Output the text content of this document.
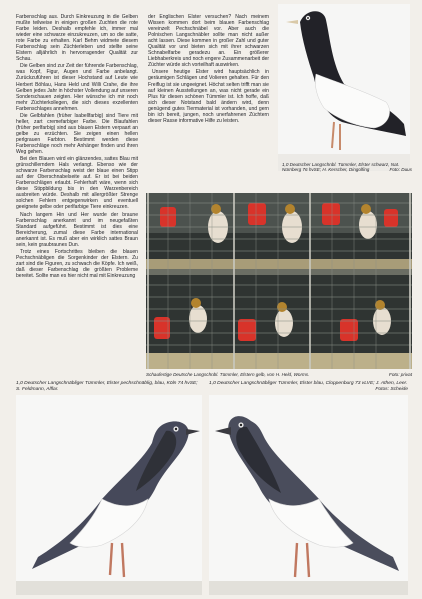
Farbenschlag aus. Durch Einkreuzung in die Gelben mußte teilweise in einigen großen Zuchten die rote Farbe leiden. Deshalb empfehle ich, immer mal wieder eine schwarze einzukreuzen, um so die satte, rote Farbe zu erhalten. Karl Behm widmete diesem Farbenschlag sein Züchterleben und stellte seine Elstern alljährlich in hervorragender Qualität zur Schau.

Die Gelben sind zur Zeit der führende Farbenschlag, was Kopf, Figur, Augen und Farbe anbelangt. Zurückzuführen ist dieser Hochstand auf Leute wie Herbert Böhlau, Hans Held und Willi Crahe, die ihre Gelben jedes Jahr in höchster Vollendung auf unseren Sonderschauen zeigten. Hier wünsche ich mir noch mehr Züchterkollegen, die sich dieses exzellenten Farbenschlages annehmen.

Die Gelbfahlen (früher Isabellfarbig) sind Tiere mit heller, zart cremefarbiger Farbe. Die Blaufahlen (früher perlfarbig) sind aus blauen Elstern verpaart an gelbe zu erzüchten. Sie zeigen einen hellen perlgrauen Farbton. Bestimmt werden diese Farbenschläge noch mehr Anhänger finden und ihren Weg gehen.

Bei den Blauen wird ein glänzendes, sattes Blau mit grünschillerndem Hals verlangt. Ebenso wie der schwarze Farbenschlag weist der blaue einen Stipp auf der Oberschnabelseite auf. Er ist bei beiden Farbenschlägen erlaubt. Fehlerhaft wäre, wenn sich diese Stippbildung bis in den Warzenbereich ausbreiten würde. Deshalb mit allergrößter Strenge solchen Fehlern entgegenwirken und eventuell geeignete gelbe oder perlfarbige Tiere einkreuzen.

Nach langem Hin und Her wurde der braune Farbenschlag anerkannt und im neugefaßten Standard aufgeführt. Bestimmt ist dies eine Bereicherung, zumal diese Farbe international anerkannt ist. Es muß aber ein wirklich sattes Braun sein, kein graubraunes Dun.

Trotz eines Fortschrittes bleiben die blauen Pechschnäbligen die Sorgenkinder der Elstern. Zu zart sind die Figuren, zu schwach die Köpfe. Ich weiß, daß dieser Farbenschlag die größten Probleme bereitet. Sollte man es hier nicht mal mit Einkreuzung

der Englischen Elster versuchen? Nach meinem Wissen kommen dort beim blauen Farbenschlag vereinzelt Pechschnäbel vor. Aber auch die Polnischen Langschnäbler sollte man nicht außer acht lassen. Diese kommen in großer Zahl und guter Qualität vor und bieten sich mit ihrer schwarzen Schnabelfarbe geradezu an. Ein größerer Liebhaberkreis und noch engere Zusammenarbeit der Züchter würde sich vorteilhaft auswirken.

Unsere heutige Elster wird hauptsächlich in geräumigen Schlägen und Volieren gehalten. Für den Freiflug ist sie ungeeignet. Höchst selten trifft man sie auf kleinen Ausstellungen an, was nicht gerade ein Plus für diesen schönen Tümmler ist. Ich hoffe, daß sich dieser Notstand bald ändern wird, denn genügend gutes Tiermaterial ist vorhanden, und gern bin ich bereit, jungen, noch unerfahrenen Züchtern dieser Rasse informative Hilfe zu leisten.

1,0 Deutscher Langschnbl. Tümmler, Elster schwarz, Nat. Nürnberg 76 hvSE; H. Kerscher, Dingolfing	Foto: Duus
Schaufertige Deutsche Langschnbl. Tümmler, Elstern gelb, von H. Held, Worms.	Foto: privat
1,0 Deutscher Langschnäbliger Tümmler, Elster pechschnäblig, blau, Köln 74 hvSE; S. Feldmann, Alflar.
1,0 Deutscher Langschnäbliger Tümmler, Elster blau, Cloppenburg 73 vLVE; J. Athen, Leer.
Fotos: Scheide
